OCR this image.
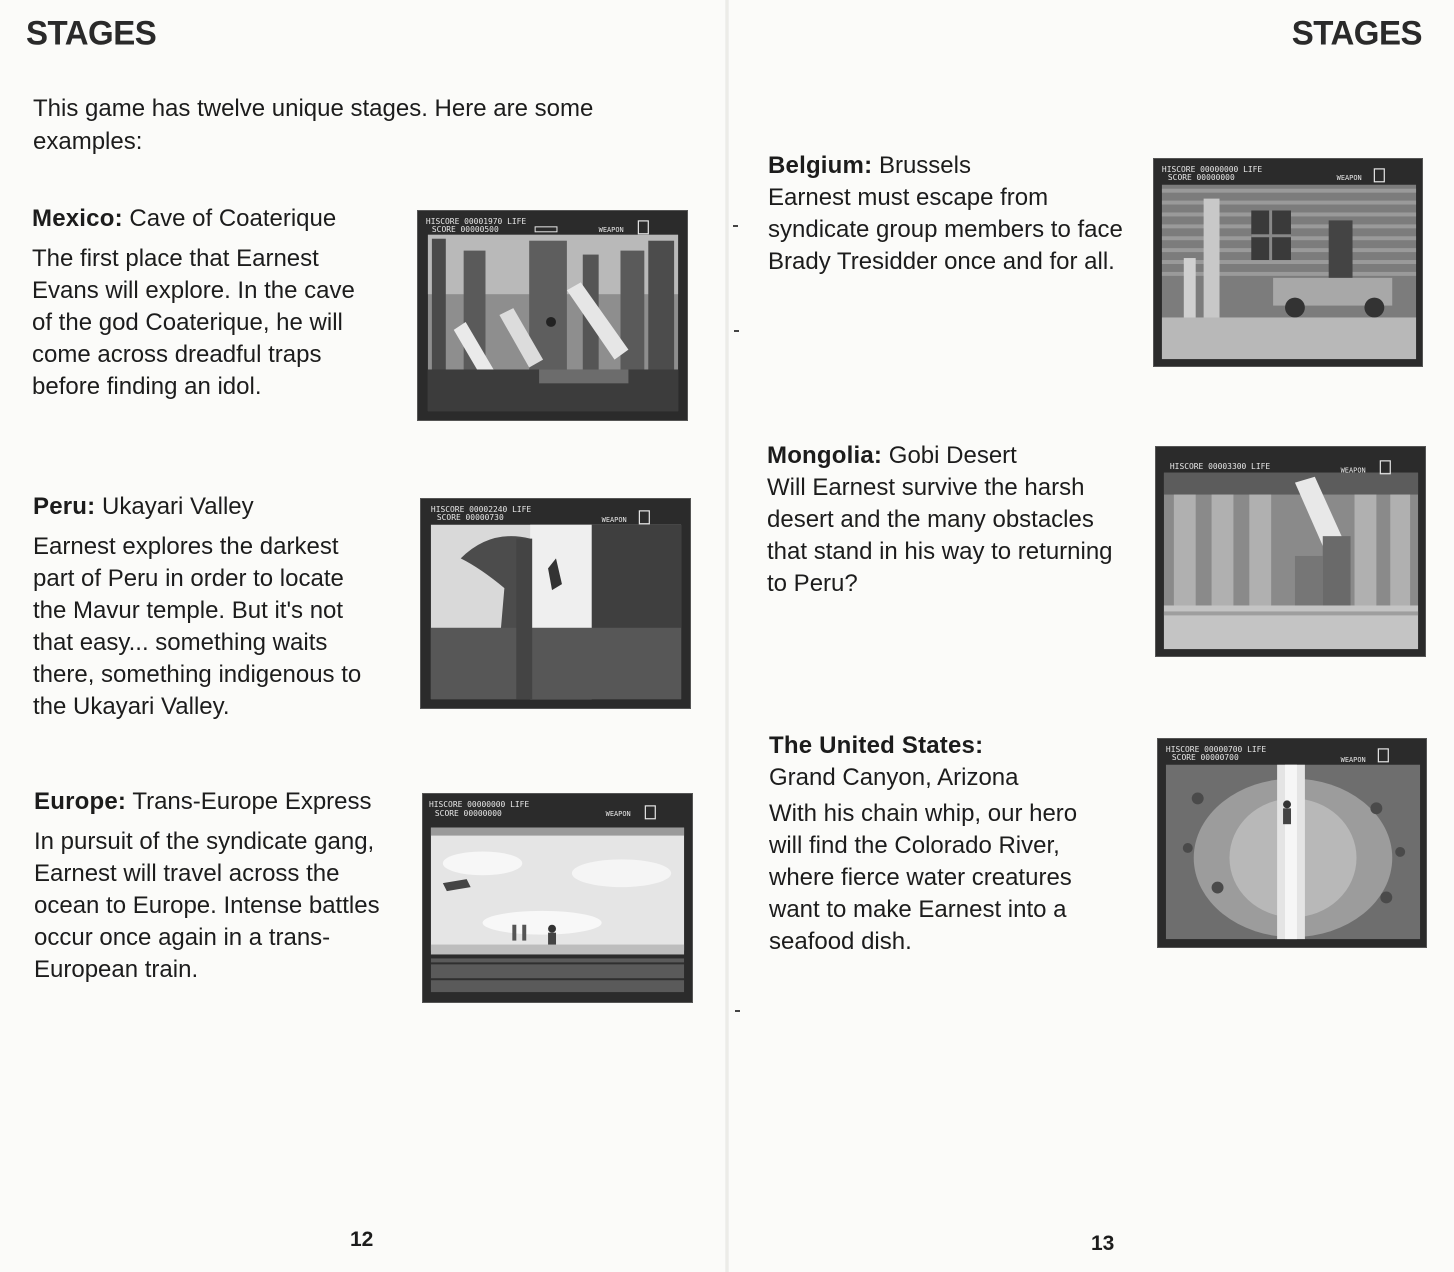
STAGES
This game has twelve unique stages. Here are some examples:
Mexico: Cave of Coaterique
The first place that Earnest Evans will explore. In the cave of the god Coaterique, he will come across dreadful traps before finding an idol.
HISCORE 00001970 LIFE
SCORE 00000500	WEAPON
Peru: Ukayari Valley
Earnest explores the darkest part of Peru in order to locate the Mavur temple. But it's not that easy... something waits there, something indigenous to the Ukayari Valley.
HISCORE 00002240 LIFE
SCORE 00000730	WEAPON
Europe: Trans-Europe Express
In pursuit of the syndicate gang, Earnest will travel across the ocean to Europe. Intense battles occur once again in a trans-European train.
HISCORE 00000000 LIFE
SCORE 00000000	WEAPON
12
STAGES
Belgium: Brussels
Earnest must escape from syndicate group members to face Brady Tresidder once and for all.
HISCORE 00000000 LIFE
SCORE 00000000	WEAPON
Mongolia: Gobi Desert
Will Earnest survive the harsh desert and the many obstacles that stand in his way to returning to Peru?
HISCORE 00003300 LIFE	WEAPON
The United States:
Grand Canyon, Arizona
With his chain whip, our hero will find the Colorado River, where fierce water creatures want to make Earnest into a seafood dish.
HISCORE 00000700 LIFE
SCORE 00000700	WEAPON
13
